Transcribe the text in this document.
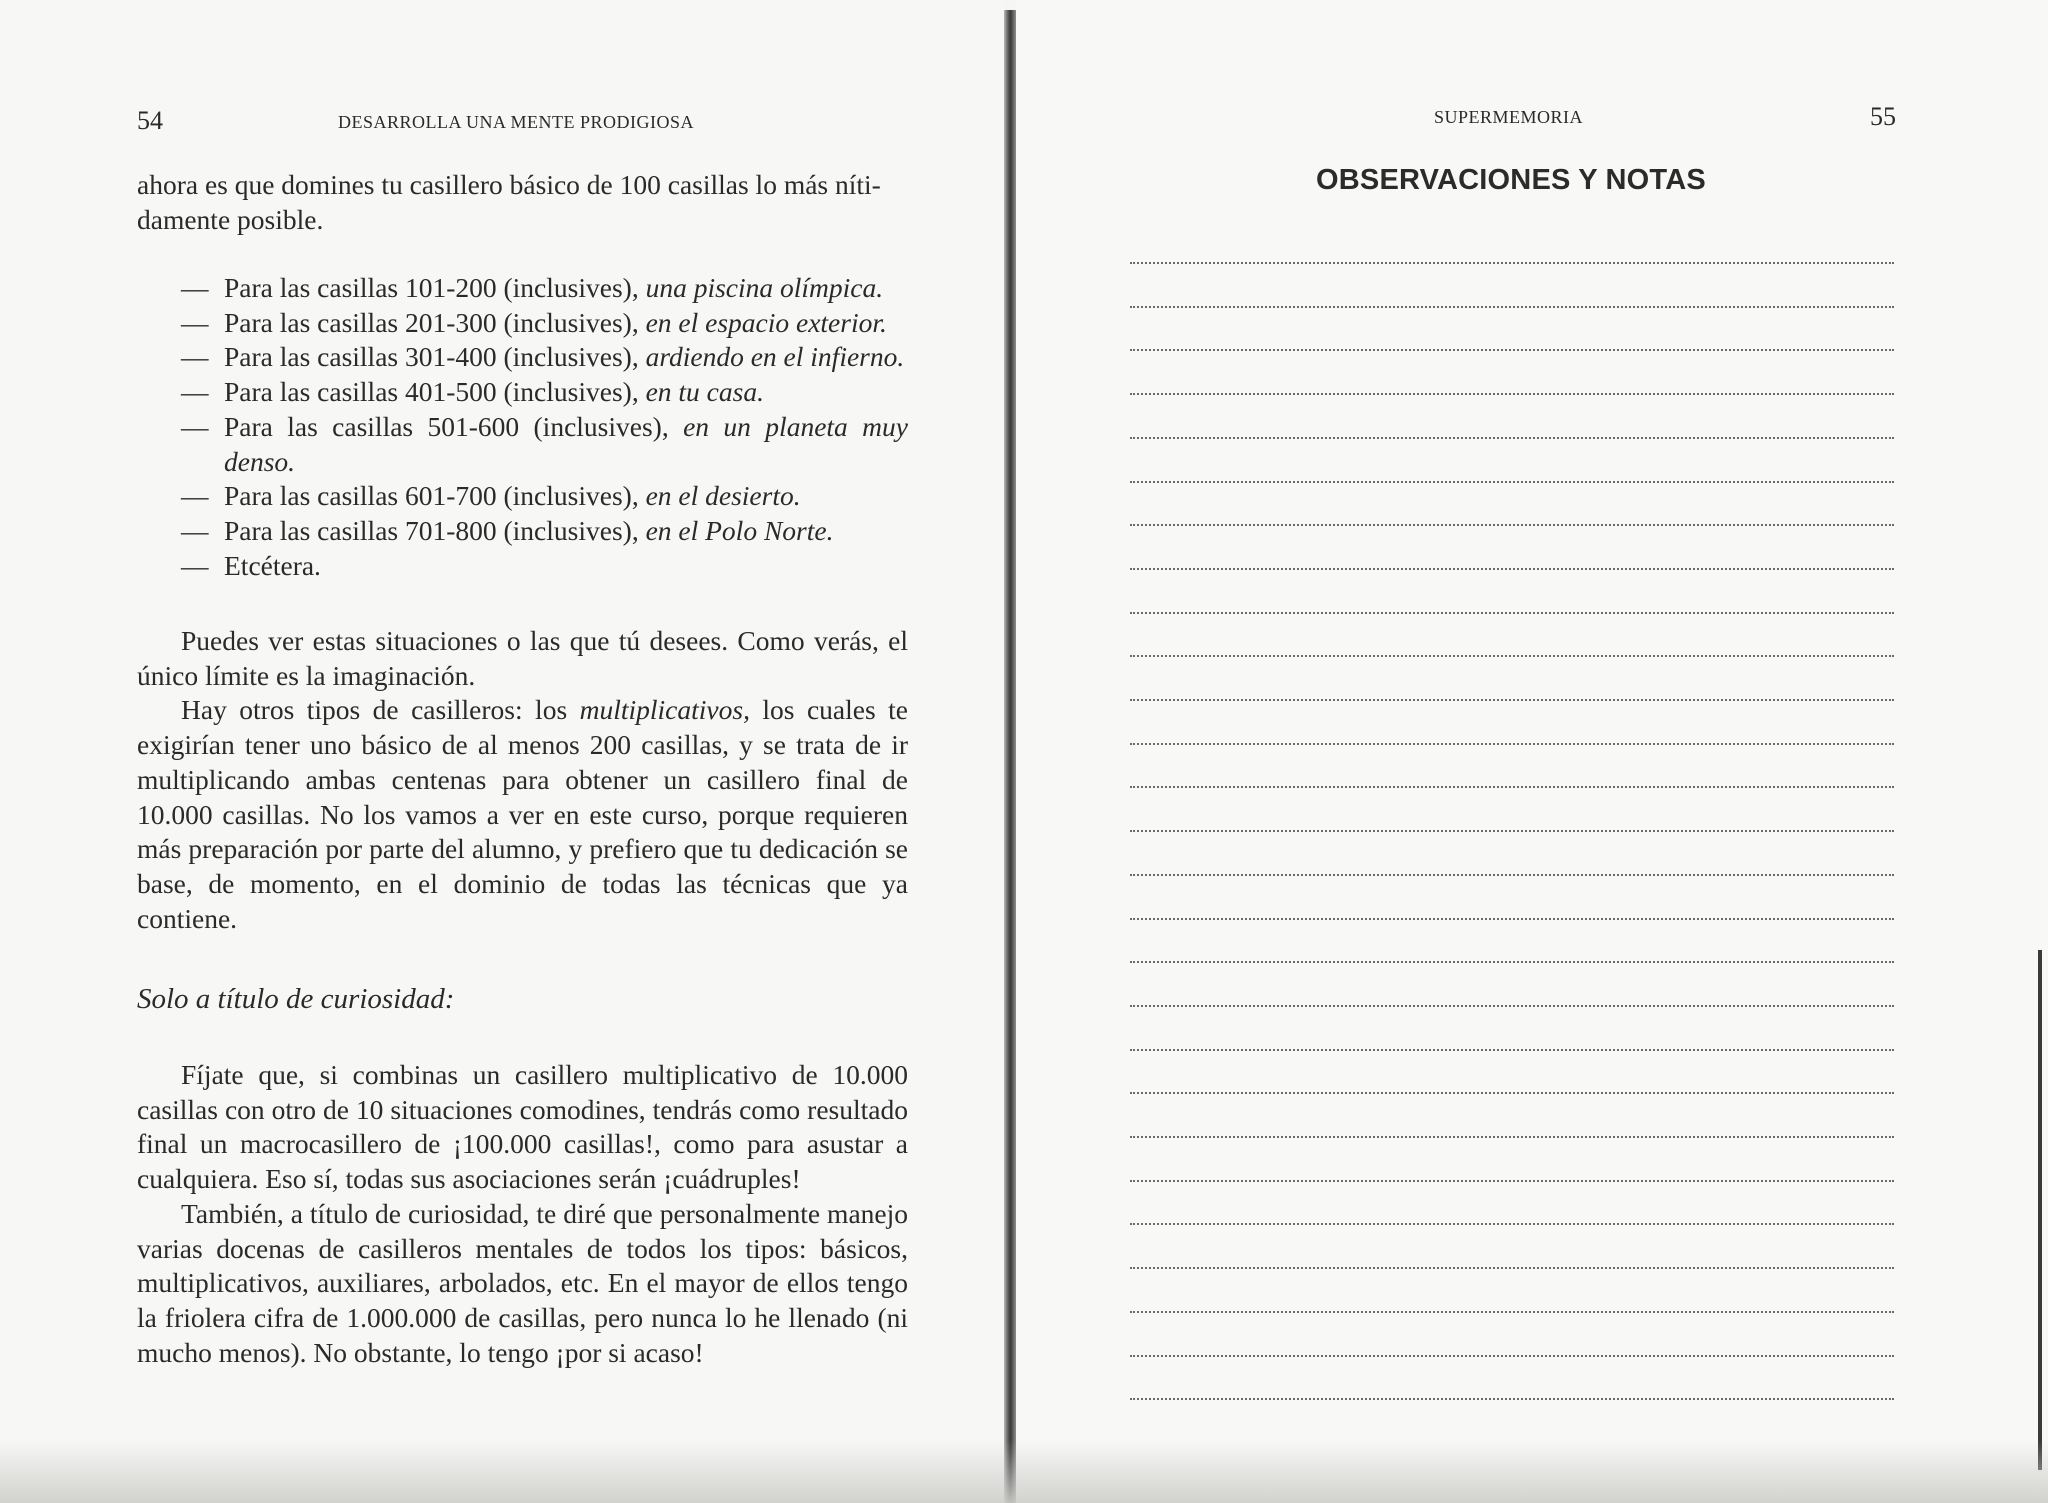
54	DESARROLLA UNA MENTE PRODIGIOSA

ahora es que domines tu casillero básico de 100 casillas lo más níti-
damente posible.

— Para las casillas 101-200 (inclusives), una piscina olímpica.
— Para las casillas 201-300 (inclusives), en el espacio exterior.
— Para las casillas 301-400 (inclusives), ardiendo en el infierno.
— Para las casillas 401-500 (inclusives), en tu casa.
— Para las casillas 501-600 (inclusives), en un planeta muy denso.
— Para las casillas 601-700 (inclusives), en el desierto.
— Para las casillas 701-800 (inclusives), en el Polo Norte.
— Etcétera.

Puedes ver estas situaciones o las que tú desees. Como verás, el único límite es la imaginación.

Hay otros tipos de casilleros: los multiplicativos, los cuales te exigirían tener uno básico de al menos 200 casillas, y se trata de ir multiplicando ambas centenas para obtener un casillero final de 10.000 casillas. No los vamos a ver en este curso, porque requieren más preparación por parte del alumno, y prefiero que tu dedicación se base, de momento, en el dominio de todas las técnicas que ya contiene.

Solo a título de curiosidad:

Fíjate que, si combinas un casillero multiplicativo de 10.000 casillas con otro de 10 situaciones comodines, tendrás como resultado final un macrocasillero de ¡100.000 casillas!, como para asustar a cualquiera. Eso sí, todas sus asociaciones serán ¡cuádruples!

También, a título de curiosidad, te diré que personalmente manejo varias docenas de casilleros mentales de todos los tipos: básicos, multiplicativos, auxiliares, arbolados, etc. En el mayor de ellos tengo la friolera cifra de 1.000.000 de casillas, pero nunca lo he llenado (ni mucho menos). No obstante, lo tengo ¡por si acaso!

SUPERMEMORIA	55
OBSERVACIONES Y NOTAS
